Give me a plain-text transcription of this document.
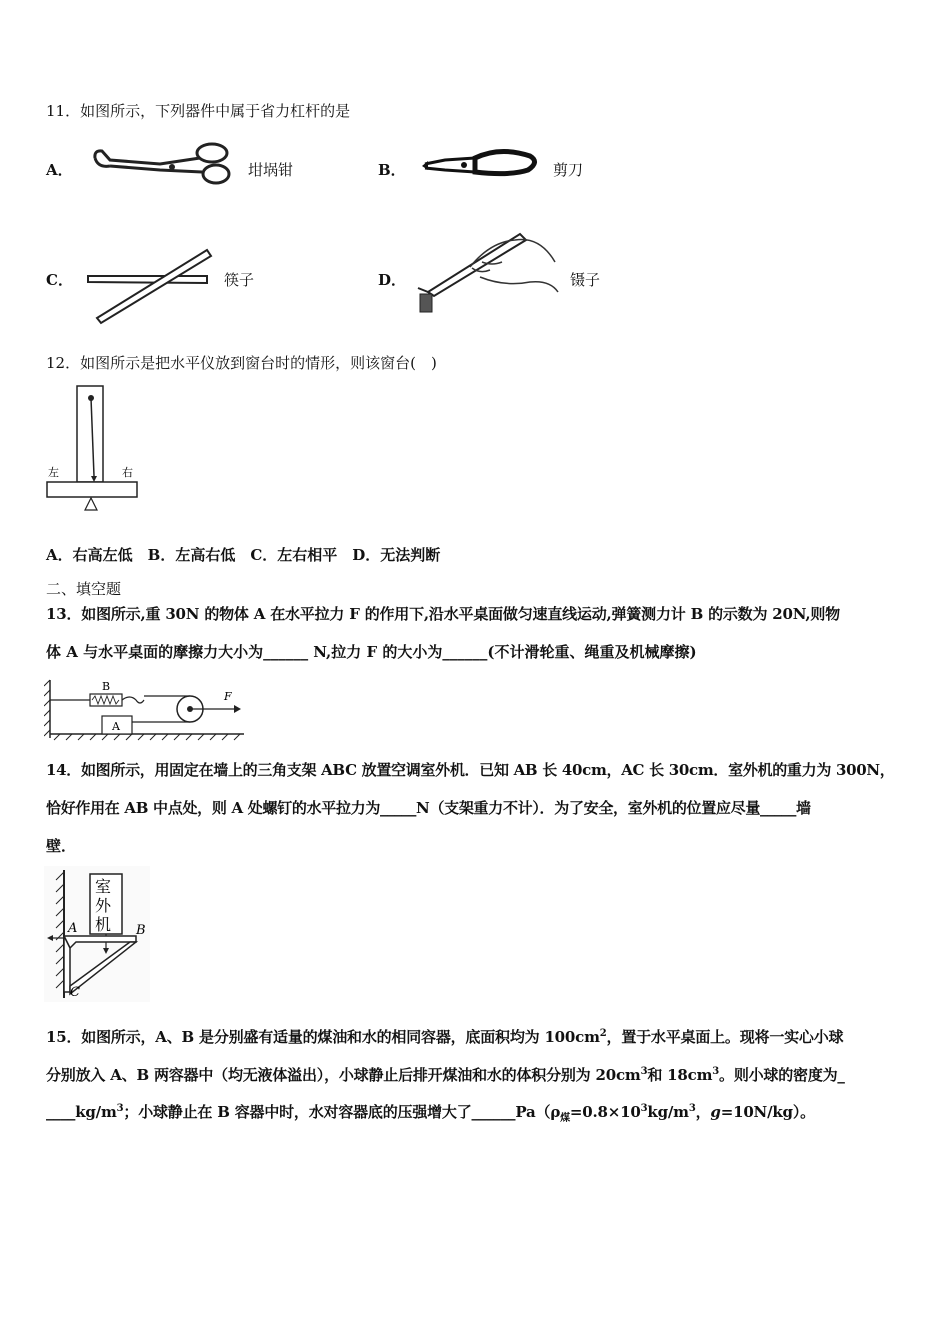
11．如图所示，下列器件中属于省力杠杆的是
A．	坩埚钳	B．	剪刀
C．	筷子	D．	镊子
12．如图所示是把水平仪放到窗台时的情形，则该窗台(　)
左	右
A．右高左低　B．左高右低　C．左右相平　D．无法判断
二、填空题
13．如图所示,重 30N 的物体 A 在水平拉力 F 的作用下,沿水平桌面做匀速直线运动,弹簧测力计 B 的示数为 20N,则物
体 A 与水平桌面的摩擦力大小为______ N,拉力 F 的大小为______(不计滑轮重、绳重及机械摩擦)
B
A
F
14．如图所示，用固定在墙上的三角支架 ABC 放置空调室外机．已知 AB 长 40cm，AC 长 30cm．室外机的重力为 300N，
恰好作用在 AB 中点处，则 A 处螺钉的水平拉力为_____N（支架重力不计）．为了安全，室外机的位置应尽量_____墙
壁．
室
外
机
A	B
C
15．如图所示，A、B 是分别盛有适量的煤油和水的相同容器，底面积均为 $100cm^2$，置于水平桌面上。现将一实心小球
分别放入 A、B 两容器中（均无液体溢出），小球静止后排开煤油和水的体积分别为 $20cm^3$和 $18cm^3$。则小球的密度为_
$\_\_\_\_kg/m^3$；小球静止在 B 容器中时，水对容器底的压强增大了$\_\_\_\_\_\_Pa(\rho_煤=0.8\times 10^3kg/m^3$，g=10N/kg）。
